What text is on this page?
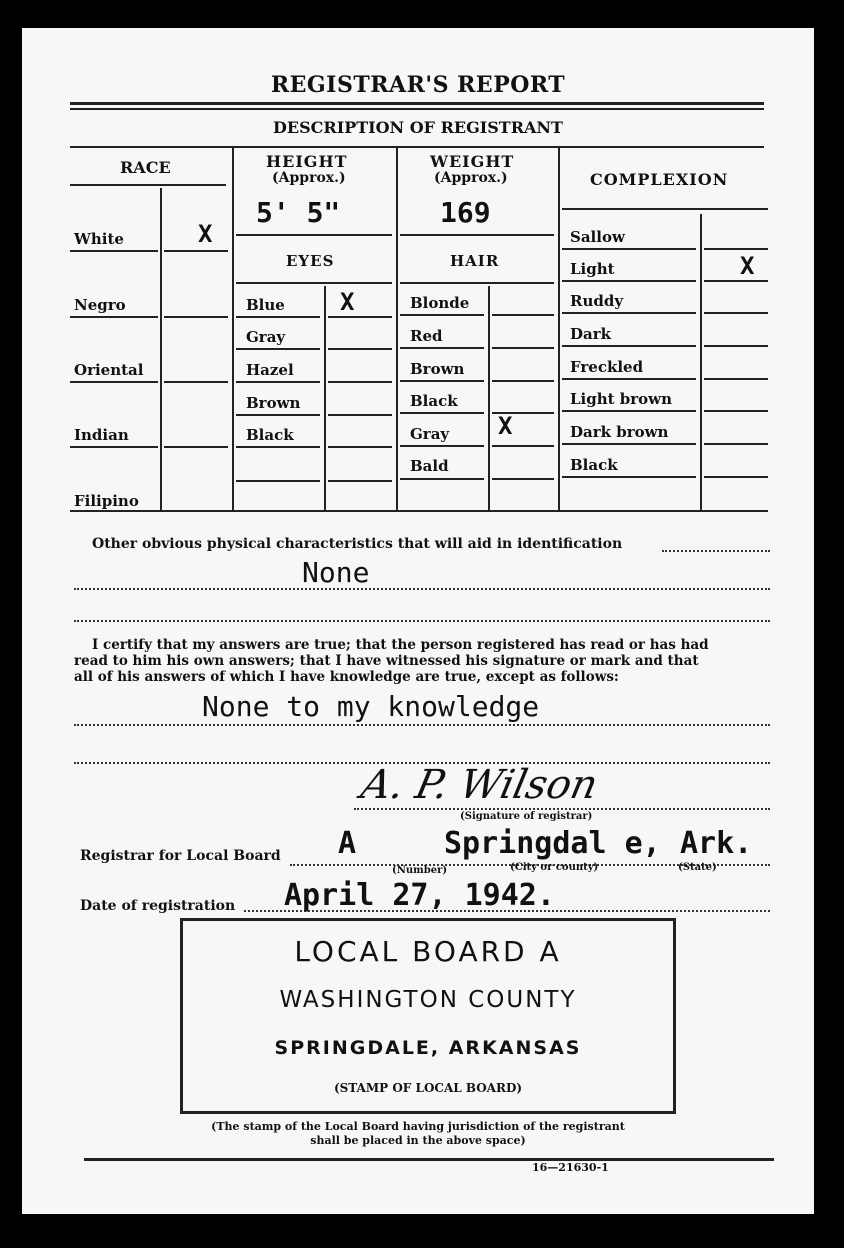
REGISTRAR'S REPORT
DESCRIPTION OF REGISTRANT
RACE
White	X
Negro
Oriental
Indian
Filipino
HEIGHT
(Approx.)
5' 5"
WEIGHT
(Approx.)
169
EYES
Blue X
Gray
Hazel
Brown
Black
HAIR
Blonde
Red
Brown
Black
Gray X
Bald
COMPLEXION
Sallow
Light	X
Ruddy
Dark
Freckled
Light brown
Dark brown
Black
Other obvious physical characteristics that will aid in identification
None
I certify that my answers are true; that the person registered has read or has had
read to him his own answers; that I have witnessed his signature or mark and that
all of his answers of which I have knowledge are true, except as follows:
None to my knowledge
A. P. Wilson
(Signature of registrar)
Registrar for Local Board A	Springdal e, Ark.
(Number)	(City or county)	(State)
Date of registration April 27, 1942.
LOCAL BOARD A
WASHINGTON COUNTY
SPRINGDALE, ARKANSAS
(STAMP OF LOCAL BOARD)
(The stamp of the Local Board having jurisdiction of the registrant
shall be placed in the above space)
16—21630-1
